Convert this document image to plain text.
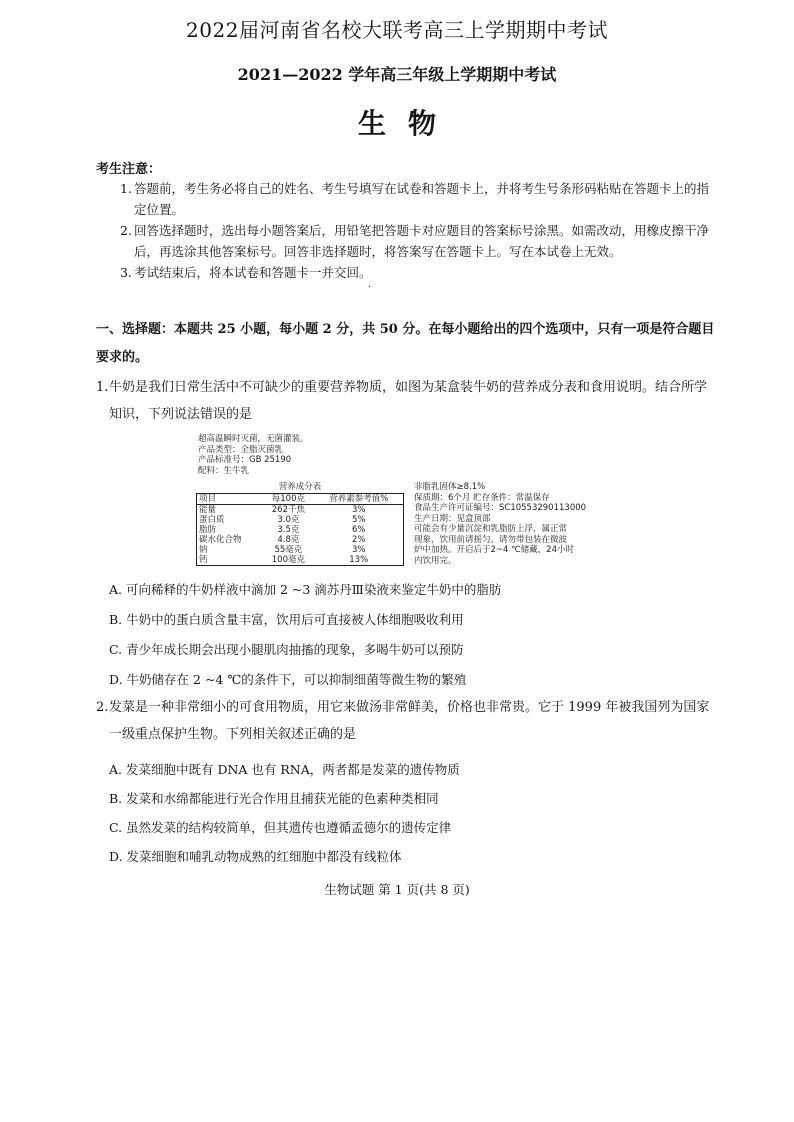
2022届河南省名校大联考高三上学期期中考试
2021—2022 学年高三年级上学期期中考试
生物
考生注意：
1. 答题前，考生务必将自己的姓名、考生号填写在试卷和答题卡上，并将考生号条形码粘贴在答题卡上的指定位置。
2. 回答选择题时，选出每小题答案后，用铅笔把答题卡对应题目的答案标号涂黑。如需改动，用橡皮擦干净后，再选涂其他答案标号。回答非选择题时，将答案写在答题卡上。写在本试卷上无效。
3. 考试结束后，将本试卷和答题卡一并交回。
·
一、选择题：本题共 25 小题，每小题 2 分，共 50 分。在每小题给出的四个选项中，只有一项是符合题目要求的。
1. 牛奶是我们日常生活中不可缺少的重要营养物质，如图为某盒装牛奶的营养成分表和食用说明。结合所学知识，下列说法错误的是
超高温瞬时灭菌，无菌灌装。
产品类型：全脂灭菌乳
产品标准号：GB 25190
配料：生牛乳
营养成分表
项目	每100克	营养素参考值%
能量	262千焦	3%
蛋白质	3.0克	5%
脂肪	3.5克	6%
碳水化合物	4.8克	2%
钠	55毫克	3%
钙	100毫克	13%
非脂乳固体≥8.1%
保质期：6个月 贮存条件：常温保存
食品生产许可证编号：SC10553290113000
生产日期：见盒顶部
可能会有少量沉淀和乳脂肪上浮，属正常
现象，饮用前请摇匀。请勿带包装在微波
炉中加热。开启后于2~4 ℃储藏，24小时
内饮用完。
A. 可向稀释的牛奶样液中滴加 2 ~3 滴苏丹Ⅲ染液来鉴定牛奶中的脂肪
B. 牛奶中的蛋白质含量丰富，饮用后可直接被人体细胞吸收利用
C. 青少年成长期会出现小腿肌肉抽搐的现象，多喝牛奶可以预防
D. 牛奶储存在 2 ~4 ℃的条件下，可以抑制细菌等微生物的繁殖
2. 发菜是一种非常细小的可食用物质，用它来做汤非常鲜美，价格也非常贵。它于 1999 年被我国列为国家一级重点保护生物。下列相关叙述正确的是
A. 发菜细胞中既有 DNA 也有 RNA，两者都是发菜的遗传物质
B. 发菜和水绵都能进行光合作用且捕获光能的色素种类相同
C. 虽然发菜的结构较简单，但其遗传也遵循孟德尔的遗传定律
D. 发菜细胞和哺乳动物成熟的红细胞中都没有线粒体
生物试题 第 1 页(共 8 页)
